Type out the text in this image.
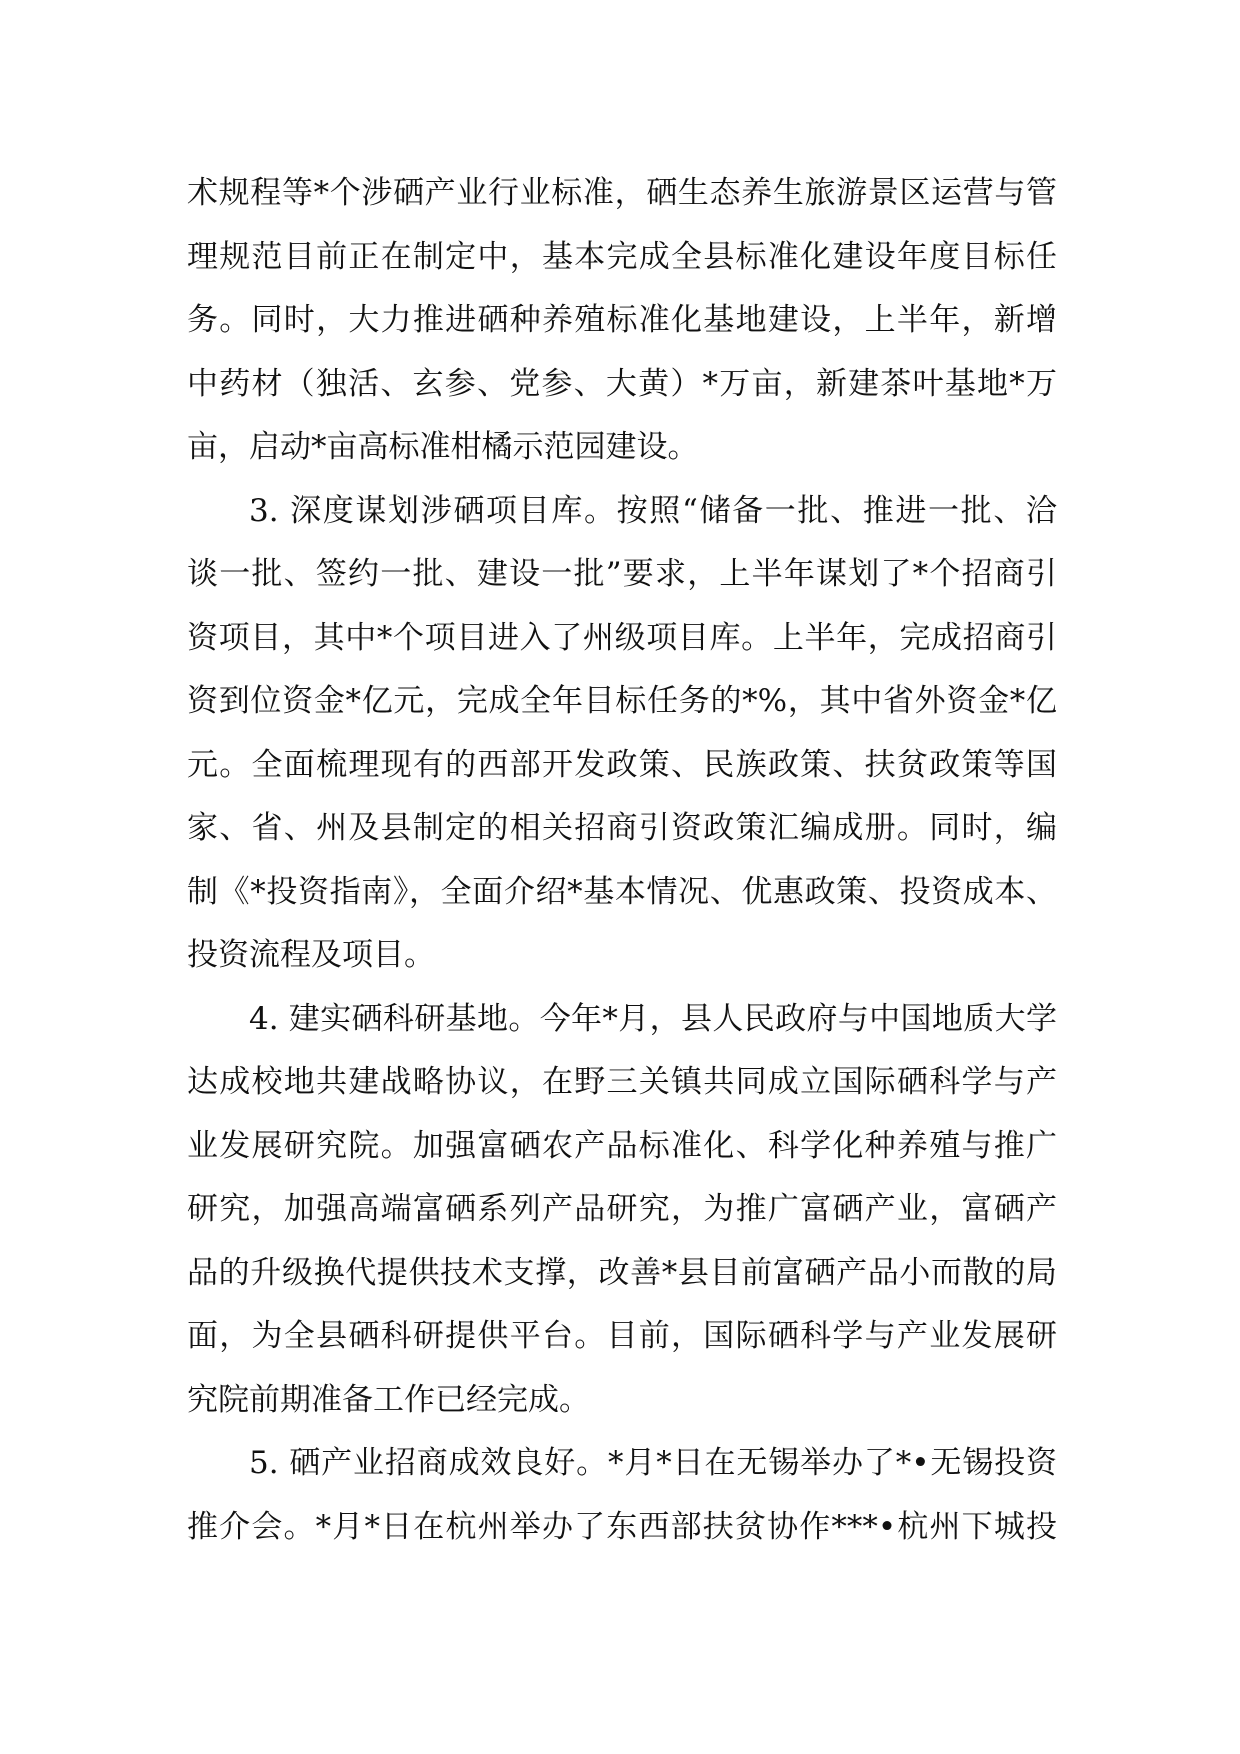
术规程等*个涉硒产业行业标准，硒生态养生旅游景区运营与管
理规范目前正在制定中，基本完成全县标准化建设年度目标任
务。同时，大力推进硒种养殖标准化基地建设，上半年，新增
中药材（独活、玄参、党参、大黄）*万亩，新建茶叶基地*万
亩，启动*亩高标准柑橘示范园建设。
3. 深度谋划涉硒项目库。按照“储备一批、推进一批、洽
谈一批、签约一批、建设一批”要求，上半年谋划了*个招商引
资项目，其中*个项目进入了州级项目库。上半年，完成招商引
资到位资金*亿元，完成全年目标任务的*%，其中省外资金*亿
元。全面梳理现有的西部开发政策、民族政策、扶贫政策等国
家、省、州及县制定的相关招商引资政策汇编成册。同时，编
制《*投资指南》，全面介绍*基本情况、优惠政策、投资成本、
投资流程及项目。
4. 建实硒科研基地。今年*月，县人民政府与中国地质大学
达成校地共建战略协议，在野三关镇共同成立国际硒科学与产
业发展研究院。加强富硒农产品标准化、科学化种养殖与推广
研究，加强高端富硒系列产品研究，为推广富硒产业，富硒产
品的升级换代提供技术支撑，改善*县目前富硒产品小而散的局
面，为全县硒科研提供平台。目前，国际硒科学与产业发展研
究院前期准备工作已经完成。
5. 硒产业招商成效良好。*月*日在无锡举办了*•无锡投资
推介会。*月*日在杭州举办了东西部扶贫协作***•杭州下城投
